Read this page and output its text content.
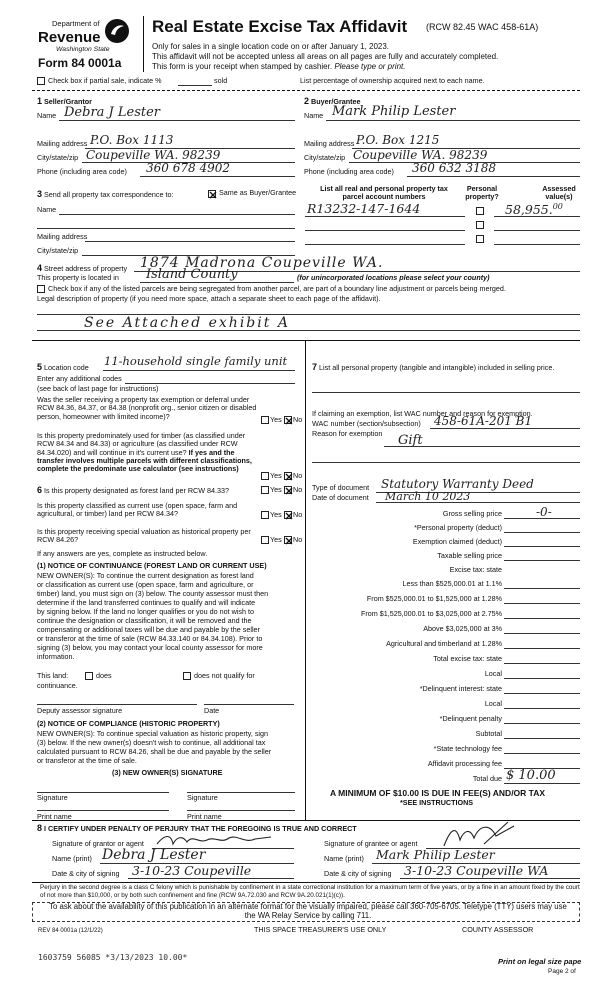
Department of
Revenue
Washington State
Form 84 0001a
Real Estate Excise Tax Affidavit (RCW 82.45 WAC 458-61A)
Only for sales in a single location code on or after January 1, 2023.
This affidavit will not be accepted unless all areas on all pages are fully and accurately completed.
This form is your receipt when stamped by cashier. Please type or print.
Check box if partial sale, indicate %	sold	List percentage of ownership acquired next to each name.
1 Seller/Grantor
Name Debra J Lester
Mailing address P.O. Box 1113
City/state/zip Coupeville WA. 98239
Phone (including area code) 360 678 4902
2 Buyer/Grantee
Name Mark Philip Lester
Mailing address P.O. Box 1215
City/state/zip Coupeville WA. 98239
Phone (including area code) 360 632 3188
3 Send all property tax correspondence to:	Same as Buyer/Grantee
Name
Mailing address
City/state/zip
List all real and personal property tax parcel account numbers
Personal property?
Assessed value(s)
R13232-147-1644	58,955.00
4 Street address of property 1874 Madrona Coupeville WA.
This property is located in Island County	(for unincorporated locations please select your county)
Check box if any of the listed parcels are being segregated from another parcel, are part of a boundary line adjustment or parcels being merged.
Legal description of property (if you need more space, attach a separate sheet to each page of the affidavit).
See Attached exhibit A
5 Location code 11-household single family unit
Enter any additional codes
(see back of last page for instructions)
Was the seller receiving a property tax exemption or deferral under RCW 84.36, 84.37, or 84.38 (nonprofit org., senior citizen or disabled person, homeowner with limited income)?	Yes No
Is this property predominately used for timber (as classified under RCW 84.34 and 84.33) or agriculture (as classified under RCW 84.34.020) and will continue in it's current use? If yes and the transfer involves multiple parcels with different classifications, complete the predominate use calculator (see instructions)
Yes No
6 Is this property designated as forest land per RCW 84.33?	Yes No
Is this property classified as current use (open space, farm and agricultural, or timber) land per RCW 84.34?	Yes No
Is this property receiving special valuation as historical property per RCW 84.26?	Yes No
If any answers are yes, complete as instructed below.
(1) NOTICE OF CONTINUANCE (FOREST LAND OR CURRENT USE)
NEW OWNER(S): To continue the current designation as forest land
or classification as current use (open space, farm and agriculture, or
timber) land, you must sign on (3) below. The county assessor must then
determine if the land transferred continues to qualify and will indicate
by signing below. If the land no longer qualifies or you do not wish to
continue the designation or classification, it will be removed and the
compensating or additional taxes will be due and payable by the seller
or transferor at the time of sale (RCW 84.33.140 or 84.34.108). Prior to
signing (3) below, you may contact your local county assessor for more
information.
This land:	does	does not qualify for
continuance.
Deputy assessor signature	Date
(2) NOTICE OF COMPLIANCE (HISTORIC PROPERTY)
NEW OWNER(S): To continue special valuation as historic property, sign
(3) below. If the new owner(s) doesn't wish to continue, all additional tax
calculated pursuant to RCW 84.26, shall be due and payable by the seller
or transferor at the time of sale.
(3) NEW OWNER(S) SIGNATURE
Signature	Signature
Print name	Print name
7 List all personal property (tangible and intangible) included in selling price.
If claiming an exemption, list WAC number and reason for exemption.
WAC number (section/subsection) 458-61A-201 B1
Reason for exemption Gift
Type of document Statutory Warranty Deed
Date of document March 10 2023
Gross selling price	-0-
*Personal property (deduct)
Exemption claimed (deduct)
Taxable selling price
Excise tax: state
Less than $525,000.01 at 1.1%
From $525,000.01 to $1,525,000 at 1.28%
From $1,525,000.01 to $3,025,000 at 2.75%
Above $3,025,000 at 3%
Agricultural and timberland at 1.28%
Total excise tax: state
Local
*Delinquent interest: state
Local
*Delinquent penalty
Subtotal
*State technology fee
Affidavit processing fee
Total due $ 10.00
A MINIMUM OF $10.00 IS DUE IN FEE(S) AND/OR TAX
*SEE INSTRUCTIONS
8 I CERTIFY UNDER PENALTY OF PERJURY THAT THE FOREGOING IS TRUE AND CORRECT
Signature of grantor or agent
Name (print) Debra J Lester
Date & city of signing 3-10-23 Coupeville
Signature of grantee or agent
Name (print) Mark Philip Lester
Date & city of signing 3-10-23 Coupeville WA
Perjury in the second degree is a class C felony which is punishable by confinement in a state correctional institution for a maximum term of five years, or by a fine in an amount fixed by the court of not more than $10,000, or by both such confinement and fine (RCW 9A.72.030 and RCW 9A.20.021(1)(c)).
To ask about the availability of this publication in an alternate format for the visually impaired, please call 360-705-6705. Teletype (TTY) users may use the WA Relay Service by calling 711.
REV 84 0001a (12/1/22)	THIS SPACE TREASURER'S USE ONLY	COUNTY ASSESSOR
1603759 56085 *3/13/2023 10.00*	Print on legal size pape
Page 2 of
